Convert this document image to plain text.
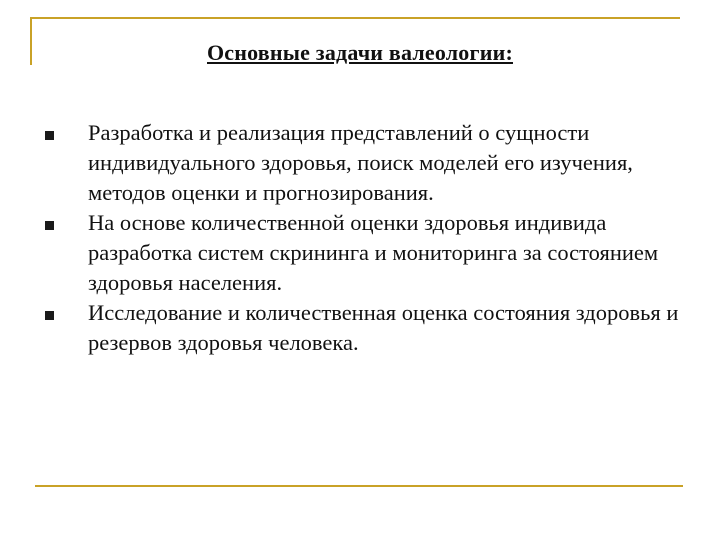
Основные задачи валеологии:
Разработка и реализация представлений о сущности индивидуального здоровья, поиск моделей его изучения, методов оценки и прогнозирования.
На основе количественной оценки здоровья индивида разработка систем скрининга и мониторинга за состоянием здоровья населения.
Исследование и количественная оценка состояния здоровья и резервов здоровья человека.
